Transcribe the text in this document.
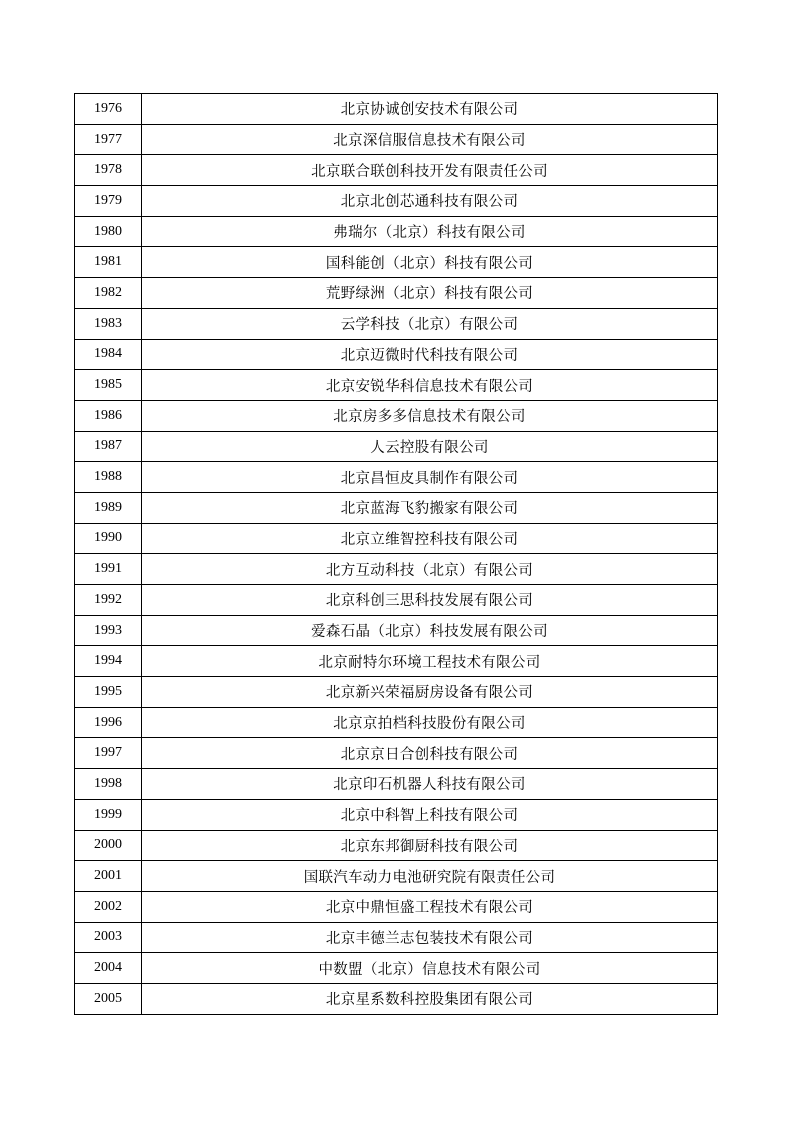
1976	北京协诚创安技术有限公司
1977	北京深信服信息技术有限公司
1978	北京联合联创科技开发有限责任公司
1979	北京北创芯通科技有限公司
1980	弗瑞尔（北京）科技有限公司
1981	国科能创（北京）科技有限公司
1982	荒野绿洲（北京）科技有限公司
1983	云学科技（北京）有限公司
1984	北京迈微时代科技有限公司
1985	北京安锐华科信息技术有限公司
1986	北京房多多信息技术有限公司
1987	人云控股有限公司
1988	北京昌恒皮具制作有限公司
1989	北京蓝海飞豹搬家有限公司
1990	北京立维智控科技有限公司
1991	北方互动科技（北京）有限公司
1992	北京科创三思科技发展有限公司
1993	爱森石晶（北京）科技发展有限公司
1994	北京耐特尔环境工程技术有限公司
1995	北京新兴荣福厨房设备有限公司
1996	北京京拍档科技股份有限公司
1997	北京京日合创科技有限公司
1998	北京印石机器人科技有限公司
1999	北京中科智上科技有限公司
2000	北京东邦御厨科技有限公司
2001	国联汽车动力电池研究院有限责任公司
2002	北京中鼎恒盛工程技术有限公司
2003	北京丰德兰志包装技术有限公司
2004	中数盟（北京）信息技术有限公司
2005	北京星系数科控股集团有限公司
